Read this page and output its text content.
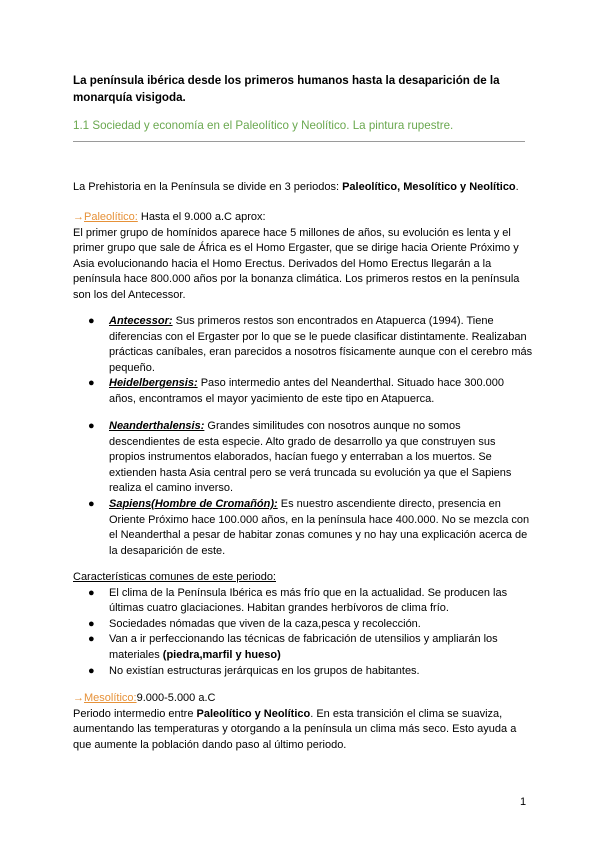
La península ibérica desde los primeros humanos hasta la desaparición de la monarquía visigoda.
1.1 Sociedad y economía en el Paleolítico y Neolítico. La pintura rupestre.
La Prehistoria en la Península se divide en 3 periodos: Paleolítico, Mesolítico y Neolítico.
→Paleolítico: Hasta el 9.000 a.C aprox:
El primer grupo de homínidos aparece hace 5 millones de años, su evolución es lenta y el primer grupo que sale de África es el Homo Ergaster, que se dirige hacia Oriente Próximo y Asia evolucionando hacia el Homo Erectus. Derivados del Homo Erectus llegarán a la península hace 800.000 años por la bonanza climática. Los primeros restos en la península son los del Antecessor.
● Antecessor: Sus primeros restos son encontrados en Atapuerca (1994). Tiene diferencias con el Ergaster por lo que se le puede clasificar distintamente. Realizaban prácticas caníbales, eran parecidos a nosotros físicamente aunque con el cerebro más pequeño.
● Heidelbergensis: Paso intermedio antes del Neanderthal. Situado hace 300.000 años, encontramos el mayor yacimiento de este tipo en Atapuerca.
● Neanderthalensis: Grandes similitudes con nosotros aunque no somos descendientes de esta especie. Alto grado de desarrollo ya que construyen sus propios instrumentos elaborados, hacían fuego y enterraban a los muertos. Se extienden hasta Asia central pero se verá truncada su evolución ya que el Sapiens realiza el camino inverso.
● Sapiens(Hombre de Cromañón): Es nuestro ascendiente directo, presencia en Oriente Próximo hace 100.000 años, en la península hace 400.000. No se mezcla con el Neanderthal a pesar de habitar zonas comunes y no hay una explicación acerca de la desaparición de este.
Características comunes de este periodo:
● El clima de la Península Ibérica es más frío que en la actualidad. Se producen las últimas cuatro glaciaciones. Habitan grandes herbívoros de clima frío.
● Sociedades nómadas que viven de la caza,pesca y recolección.
● Van a ir perfeccionando las técnicas de fabricación de utensilios y ampliarán los materiales (piedra,marfil y hueso)
● No existían estructuras jerárquicas en los grupos de habitantes.
→Mesolítico:9.000-5.000 a.C
Periodo intermedio entre Paleolítico y Neolítico. En esta transición el clima se suaviza, aumentando las temperaturas y otorgando a la península un clima más seco. Esto ayuda a que aumente la población dando paso al último periodo.
1
